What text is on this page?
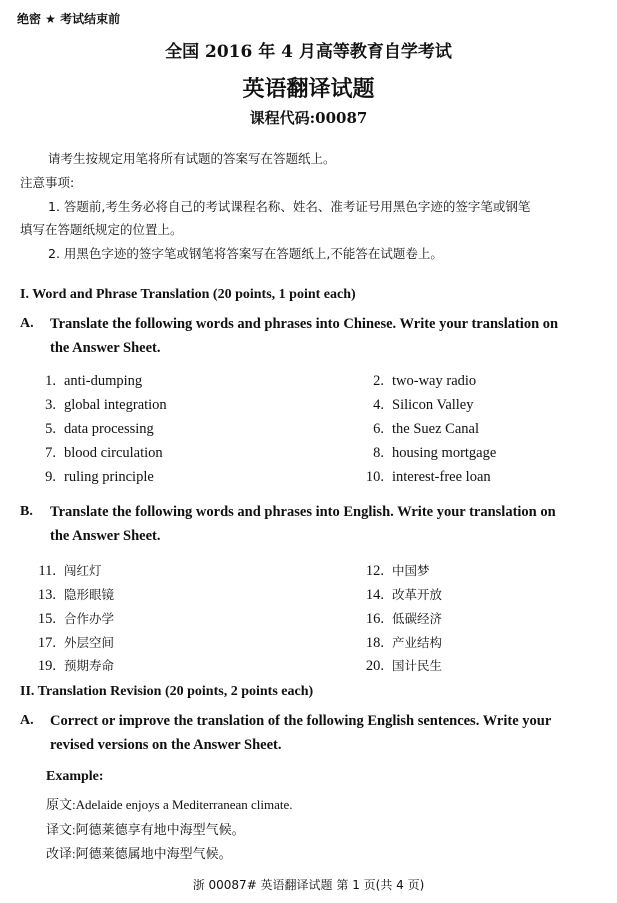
绝密 ★ 考试结束前
全国 2016 年 4 月高等教育自学考试
英语翻译试题
课程代码:00087
请考生按规定用笔将所有试题的答案写在答题纸上。
注意事项:
1. 答题前,考生务必将自己的考试课程名称、姓名、准考证号用黑色字迹的签字笔或钢笔
填写在答题纸规定的位置上。
2. 用黑色字迹的签字笔或钢笔将答案写在答题纸上,不能答在试题卷上。
I. Word and Phrase Translation (20 points, 1 point each)
A. Translate the following words and phrases into Chinese. Write your translation on the Answer Sheet.
1. anti-dumping	2. two-way radio
3. global integration	4. Silicon Valley
5. data processing	6. the Suez Canal
7. blood circulation	8. housing mortgage
9. ruling principle	10. interest-free loan
B. Translate the following words and phrases into English. Write your translation on the Answer Sheet.
11. 闯红灯	12. 中国梦
13. 隐形眼镜	14. 改革开放
15. 合作办学	16. 低碳经济
17. 外层空间	18. 产业结构
19. 预期寿命	20. 国计民生
II. Translation Revision (20 points, 2 points each)
A. Correct or improve the translation of the following English sentences. Write your revised versions on the Answer Sheet.
Example:
原文:Adelaide enjoys a Mediterranean climate.
译文:阿德莱德享有地中海型气候。
改译:阿德莱德属地中海型气候。
浙 00087# 英语翻译试题 第 1 页(共 4 页)
